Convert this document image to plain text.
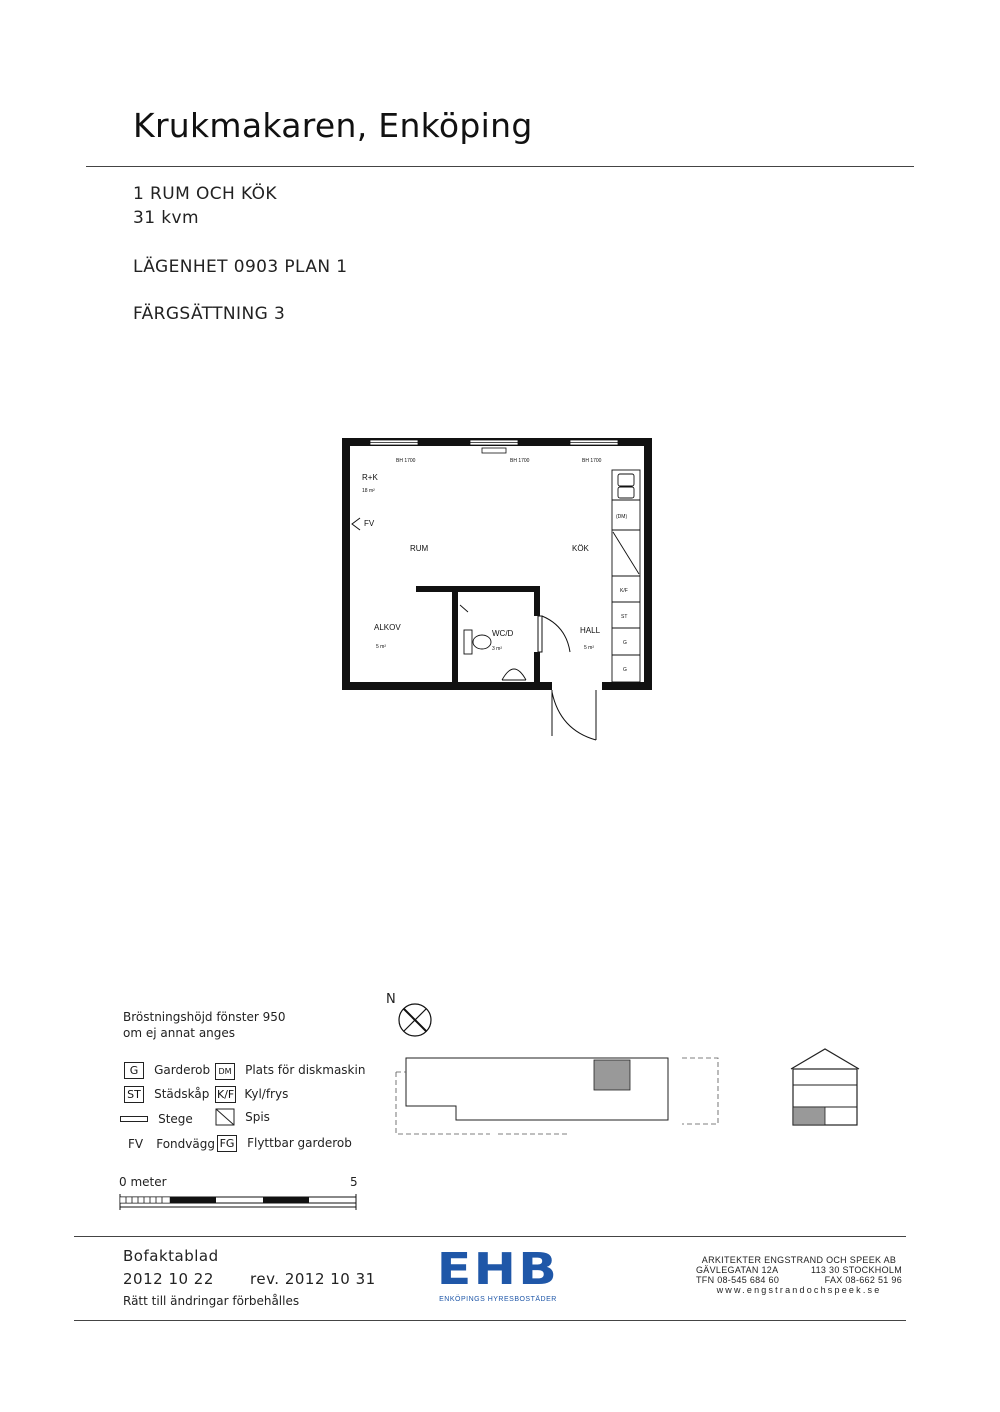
Krukmakaren, Enköping
1 RUM OCH KÖK
31 kvm
LÄGENHET 0903 PLAN 1
FÄRGSÄTTNING 3
BH 1700	BH 1700	BH 1700
(DM)
K/F
ST
G
G
R+K
18 m²
FV
RUM	KÖK
ALKOV
5 m²
WC/D
3 m²
HALL
5 m²
Bröstningshöjd fönster 950
om ej annat anges
G Garderob	DM Plats för diskmaskin
ST Städskåp K/F Kyl/frys
Stege	Spis
FV Fondvägg FG Flyttbar garderob
N
0 meter	5
Bofaktablad
2012 10 22 rev. 2012 10 31
Rätt till ändringar förbehålles
EHB
ENKÖPINGS HYRESBOSTÄDER
ARKITEKTER ENGSTRAND OCH SPEEK AB
GÄVLEGATAN 12A	113 30 STOCKHOLM
TFN 08-545 684 60	FAX 08-662 51 96
www.engstrandochspeek.se
